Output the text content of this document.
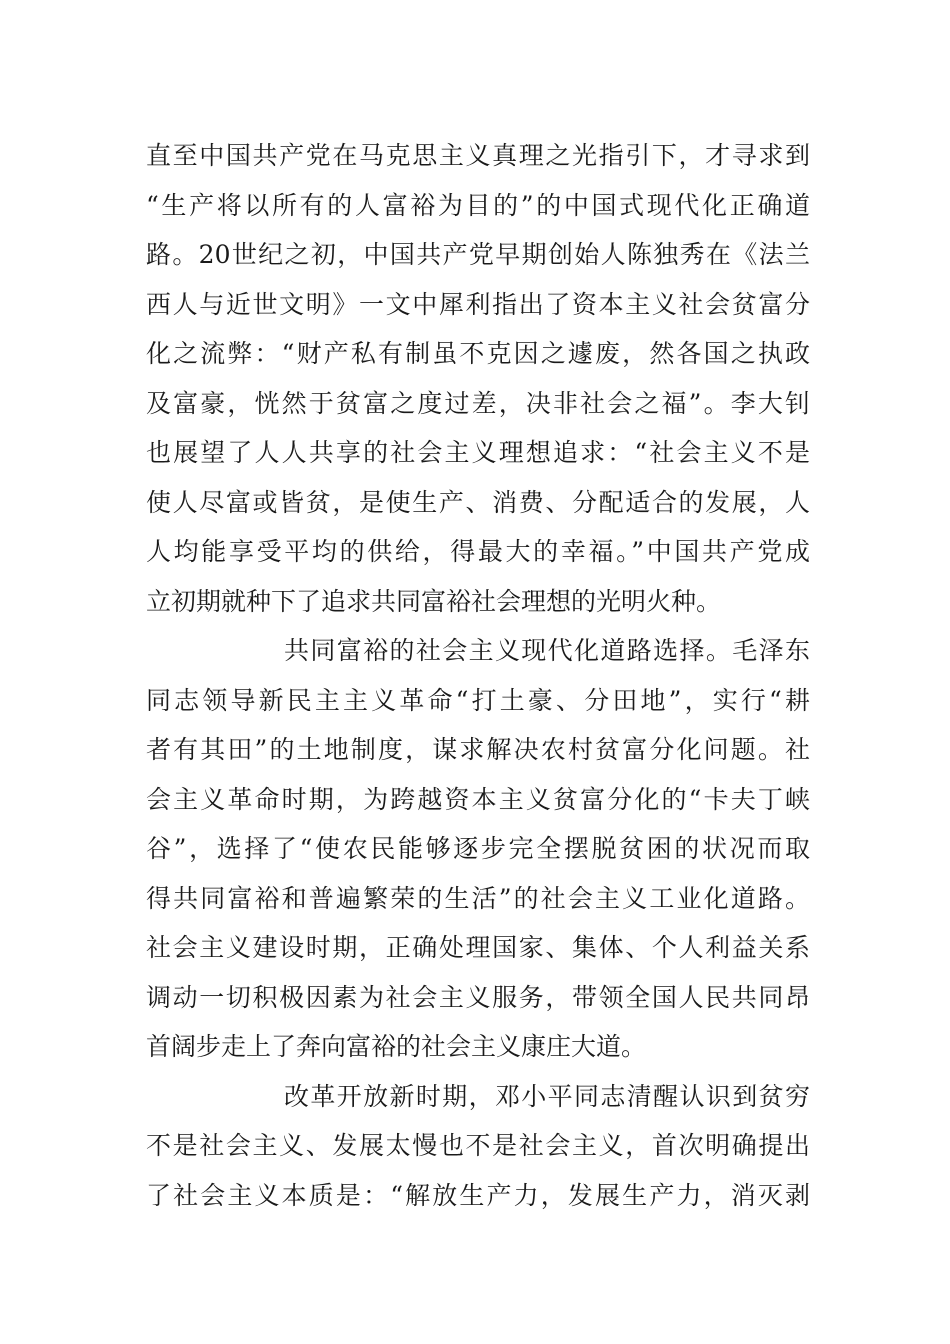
直至中国共产党在马克思主义真理之光指引下，才寻求到
“生产将以所有的人富裕为目的”的中国式现代化正确道
路。20世纪之初，中国共产党早期创始人陈独秀在《法兰
西人与近世文明》一文中犀利指出了资本主义社会贫富分
化之流弊：“财产私有制虽不克因之遽废，然各国之执政
及富豪，恍然于贫富之度过差，决非社会之福”。李大钊
也展望了人人共享的社会主义理想追求：“社会主义不是
使人尽富或皆贫，是使生产、消费、分配适合的发展，人
人均能享受平均的供给，得最大的幸福。”中国共产党成
立初期就种下了追求共同富裕社会理想的光明火种。
共同富裕的社会主义现代化道路选择。毛泽东
同志领导新民主主义革命“打土豪、分田地”，实行“耕
者有其田”的土地制度，谋求解决农村贫富分化问题。社
会主义革命时期，为跨越资本主义贫富分化的“卡夫丁峡
谷”，选择了“使农民能够逐步完全摆脱贫困的状况而取
得共同富裕和普遍繁荣的生活”的社会主义工业化道路。
社会主义建设时期，正确处理国家、集体、个人利益关系
调动一切积极因素为社会主义服务，带领全国人民共同昂
首阔步走上了奔向富裕的社会主义康庄大道。
改革开放新时期，邓小平同志清醒认识到贫穷
不是社会主义、发展太慢也不是社会主义，首次明确提出
了社会主义本质是：“解放生产力，发展生产力，消灭剥
